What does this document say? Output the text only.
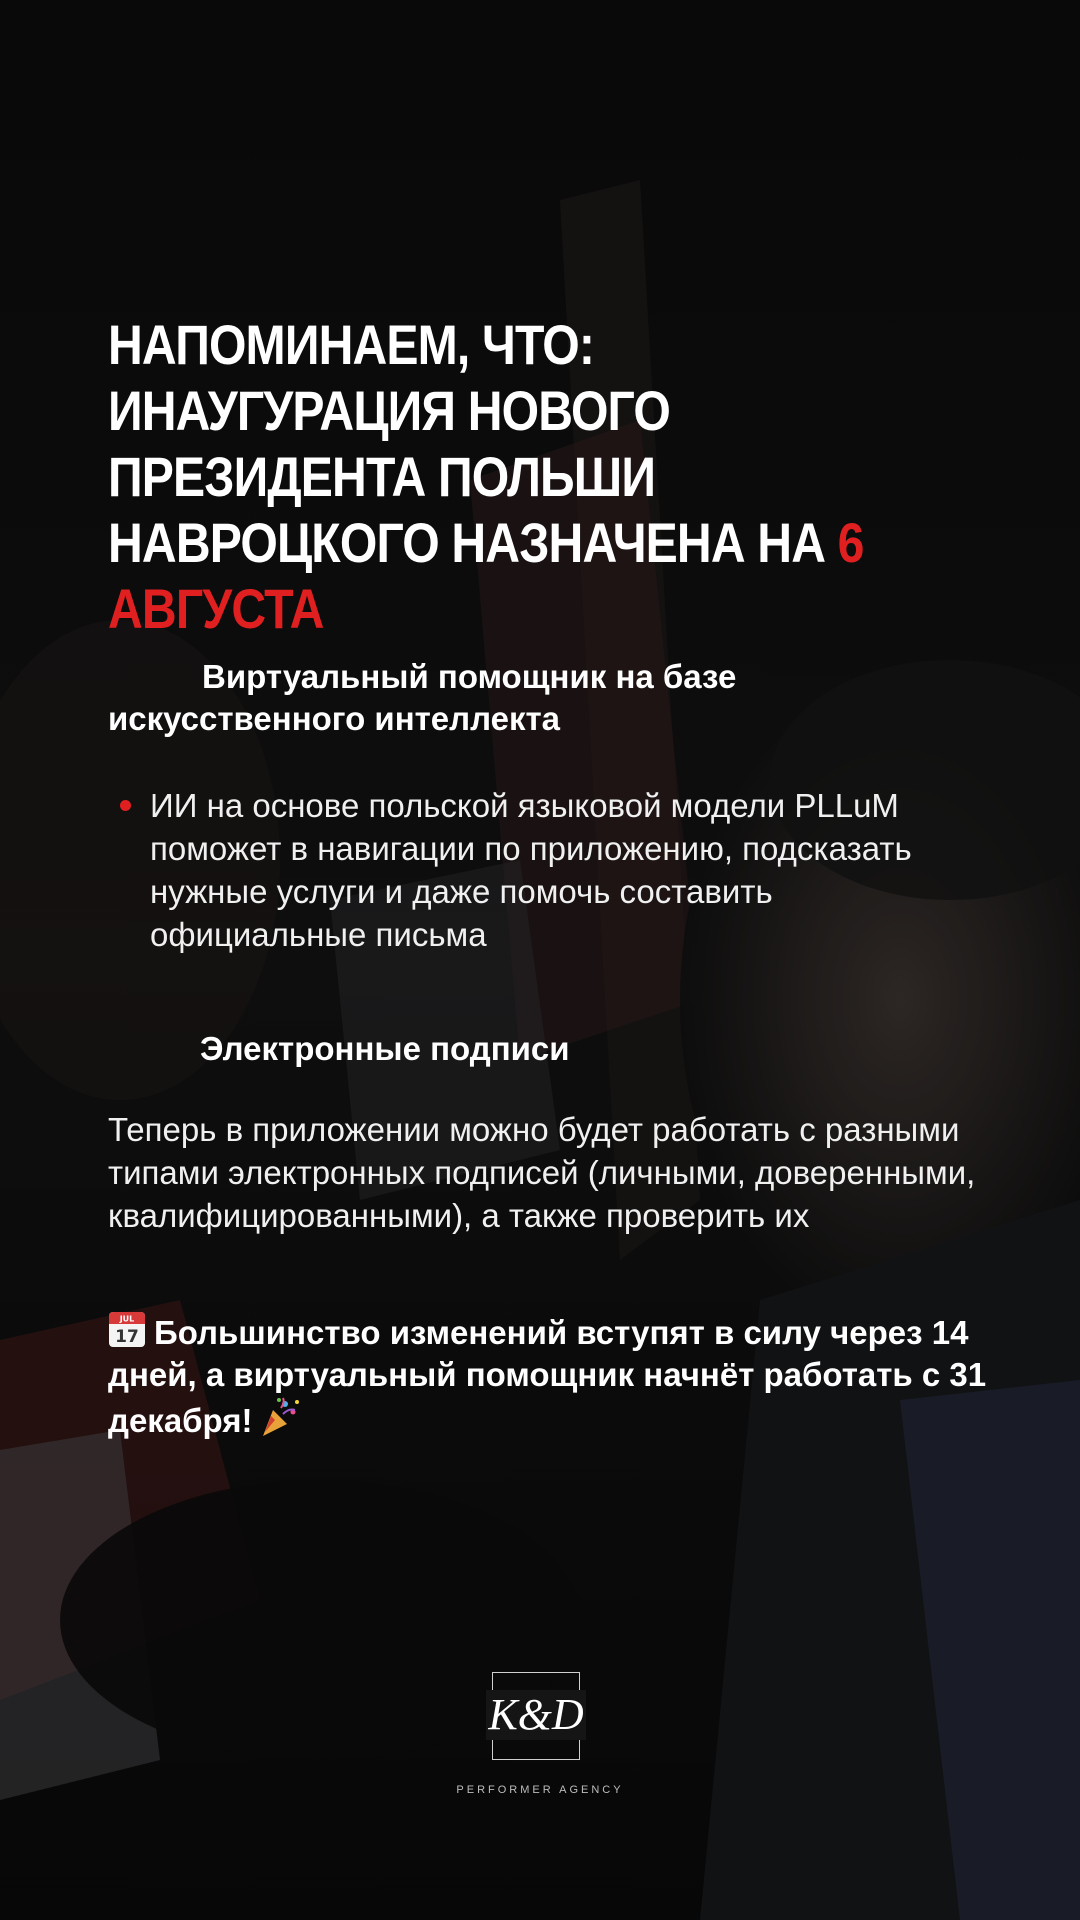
НАПОМИНАЕМ, ЧТО: ИНАУГУРАЦИЯ НОВОГО ПРЕЗИДЕНТА ПОЛЬШИ НАВРОЦКОГО НАЗНАЧЕНА НА 6 АВГУСТА
Виртуальный помощник на базе искусственного интеллекта
ИИ на основе польской языковой модели PLLuM поможет в навигации по приложению, подсказать нужные услуги и даже помочь составить официальные письма
Электронные подписи

Теперь в приложении можно будет работать с разными типами электронных подписей (личными, доверенными, квалифицированными), а также проверить их

JUL
17 Большинство изменений вступят в силу через 14 дней, а виртуальный помощник начнёт работать с 31 декабря!

K&D
PERFORMER AGENCY
